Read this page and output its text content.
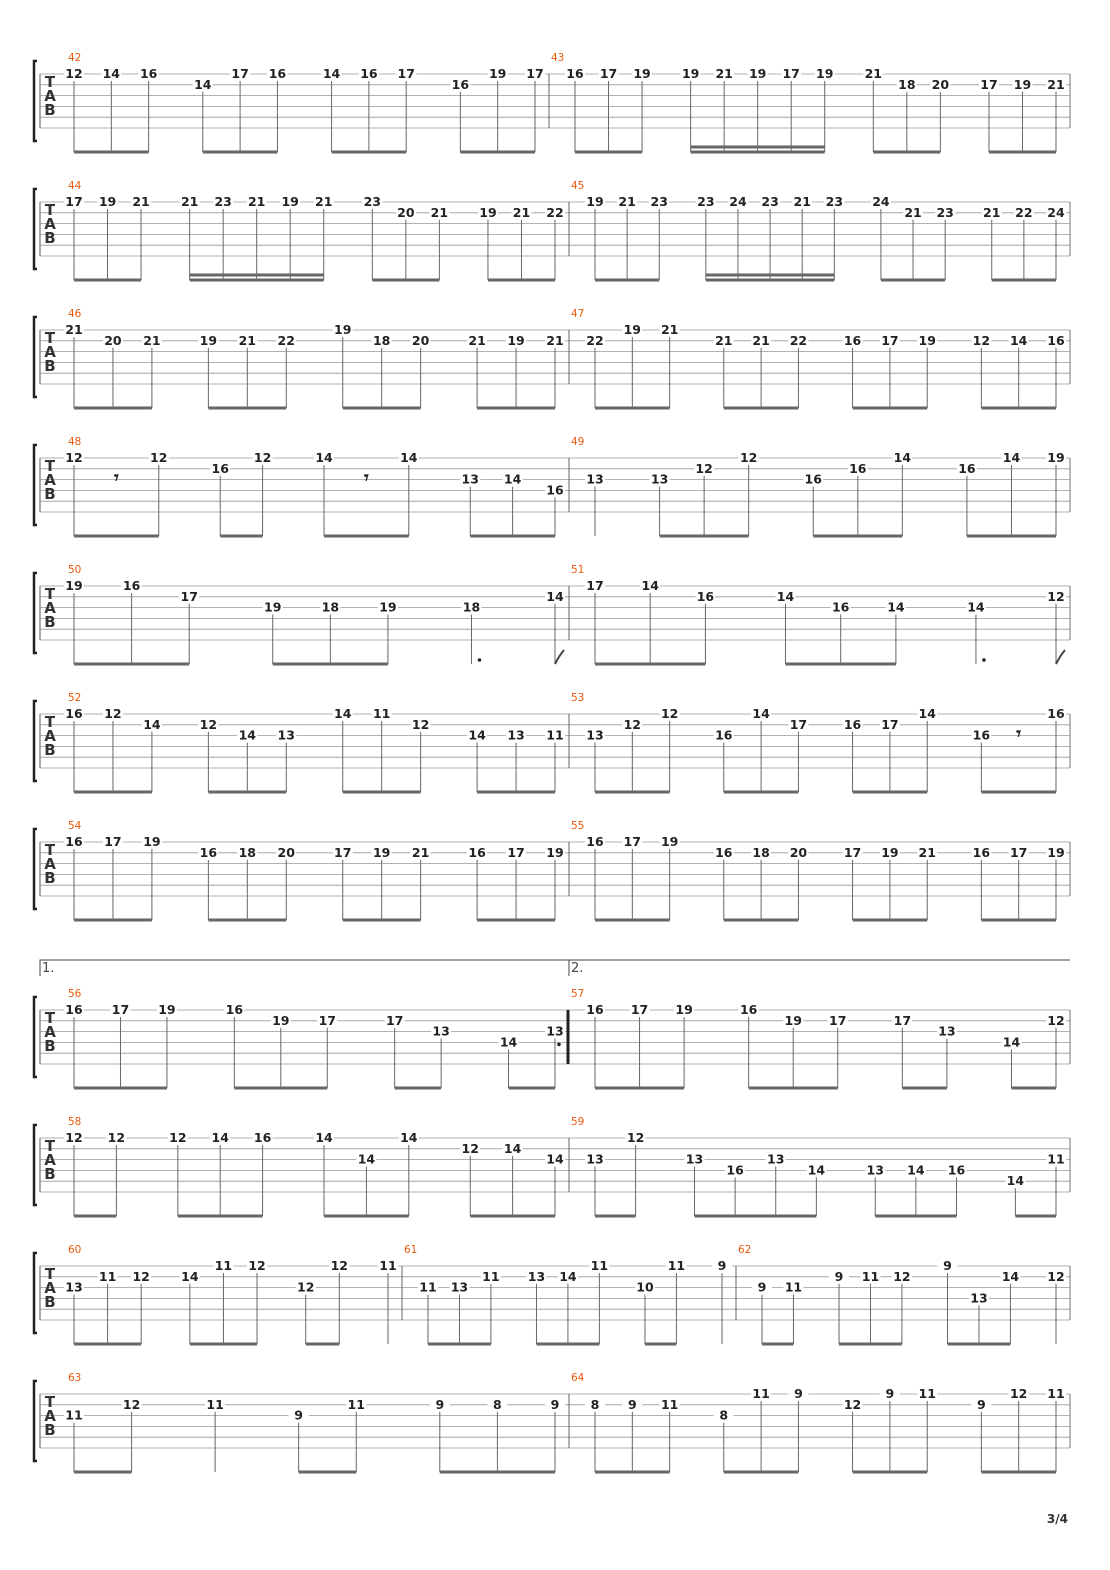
T
A
B
42
12 14 16
14
17 16	14 16 17
16
19 17
43
16 17 19 19 21 19 17 19 21
18 20 17 19 21
T
A
B
44
17 19 21 21 23 21 19 21 23
20 21 19 21 22
45
19 21 23 23 24 23 21 23 24
21 23 21 22 24
T
A
B
46
21
20 21	19 21 22
19
18 20	21 19 21
47
22
19 21
21 21 22	16 17 19	12 14 16
T
A
B
48
12
𝄾
12
16
12	14
𝄾
14
13 14
16
49
13	13
12
12
16
16
14
16
14 19
T
A
B
50
19	16
17
19	18	19	18
14
51
17	14
16	14
16	14	14
12
T
A
B
52
16 12
14	12
14 13
14 11
12
14 13 11
53
13
12
12
16
14
17	16 17
14
16 𝄾
16
T
A
B
54
16 17 19
16 18 20	17 19 21	16 17 19
55
16 17 19
16 18 20	17 19 21	16 17 19
T
A
B
56
1.
16 17 19	16
19 17	17
13
14
13
57
2.
16 17 19	16
19 17	17
13
14
12
T
A
B
58
12 12	12 14 16	14
14
14
12 14
14
59
13
12
13
16
13
14	13 14 16
14
11
T
A
B
60
13
11 12	14
11 12
12
12	11
61
11 13
11 13 14
11
10
11	9
62
9 11
9 11 12
9
13
14 12
T
A
B
63
11
12	11
9
11	9	8	9
64
8 9 11
8
11 9
12
9 11
9
12 11
3/4
